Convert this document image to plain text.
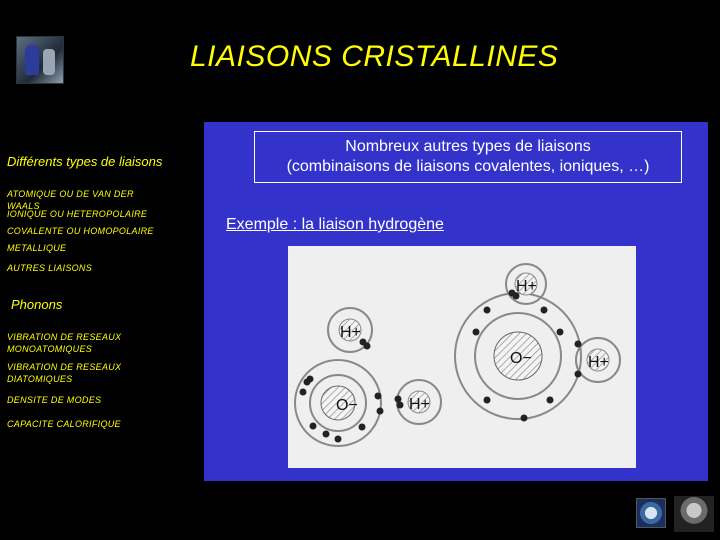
LIAISONS CRISTALLINES
Différents types de liaisons
ATOMIQUE OU DE VAN DER WAALS
IONIQUE OU HETEROPOLAIRE
COVALENTE OU HOMOPOLAIRE
METALLIQUE
AUTRES LIAISONS
Phonons
VIBRATION DE RESEAUX MONOATOMIQUES
VIBRATION DE RESEAUX DIATOMIQUES
DENSITE DE MODES
CAPACITE CALORIFIQUE
Nombreux autres types de liaisons
(combinaisons de liaisons covalentes, ioniques, …)
Exemple : la liaison hydrogène
H+
H+
O−	H+
O−	H+
